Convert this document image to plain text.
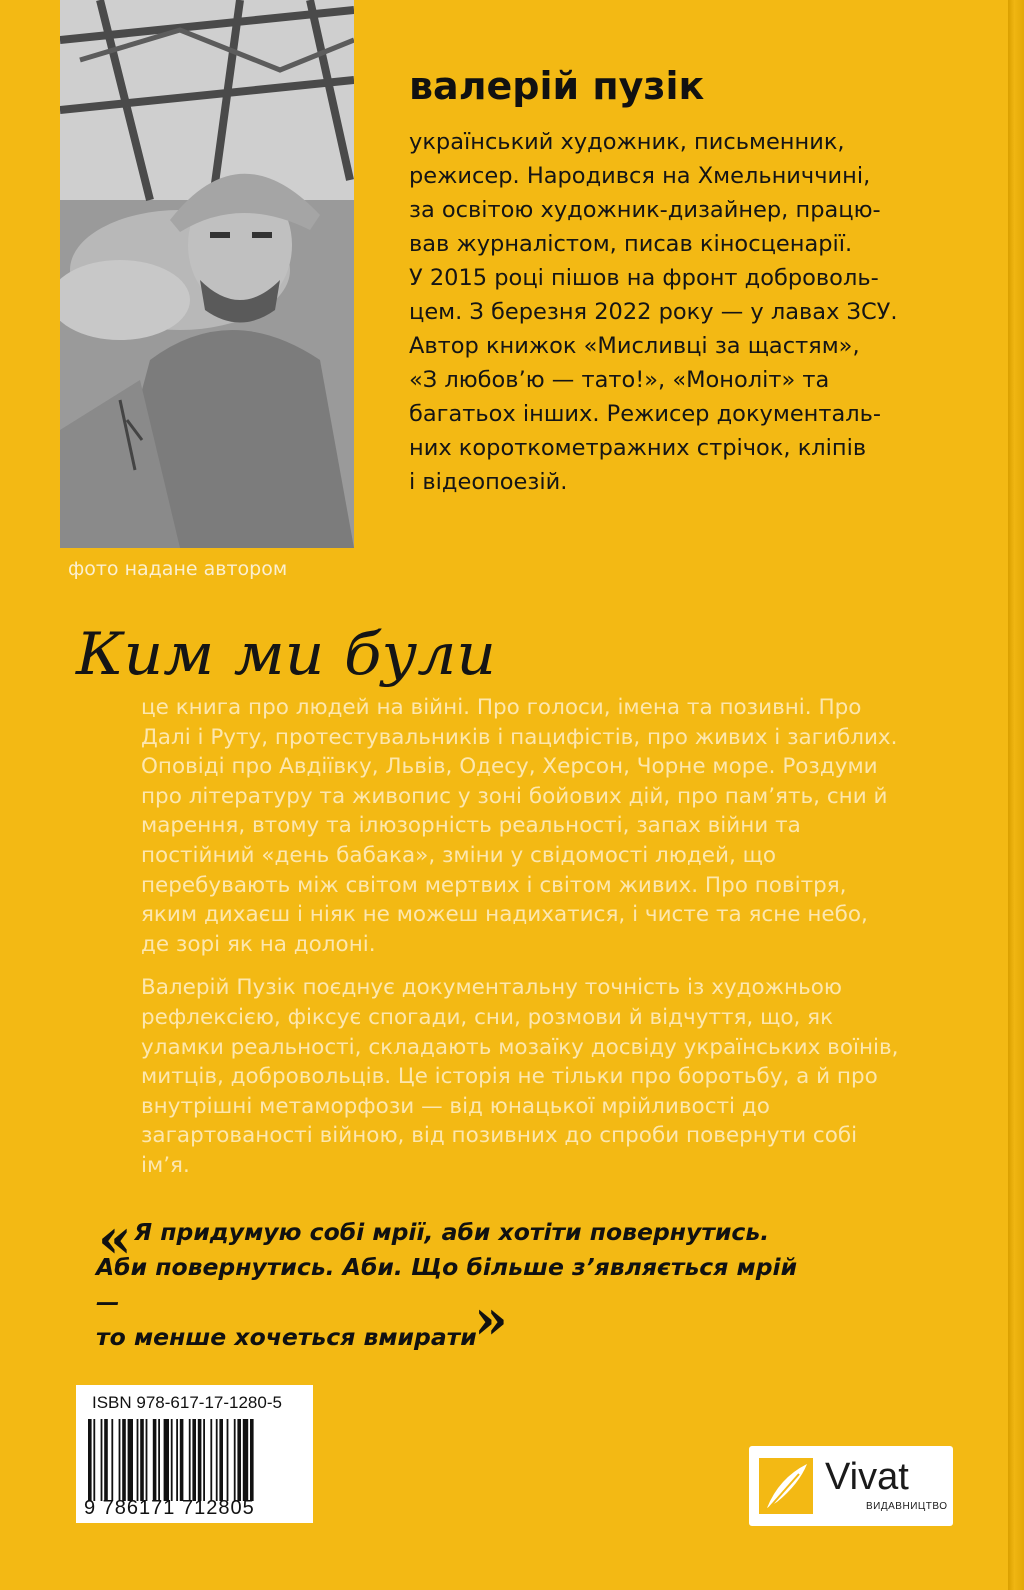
фото надане автором
валерій пузік
український художник, письменник,
режисер. Народився на Хмельниччині,
за освітою художник-дизайнер, працю-
вав журналістом, писав кіносценарії.
У 2015 році пішов на фронт доброволь-
цем. З березня 2022 року — у лавах ЗСУ.
Автор книжок «Мисливці за щастям»,
«З любов’ю — тато!», «Моноліт» та
багатьох інших. Режисер документаль-
них короткометражних стрічок, кліпів
і відеопоезій.
Ким ми були

це книга про людей на війні. Про голоси, імена та позивні. Про Далі і Руту, протестувальників і пацифістів, про живих і загиблих. Оповіді про Авдіївку, Львів, Одесу, Херсон, Чорне море. Роздуми про літературу та живопис у зоні бойових дій, про пам’ять, сни й марення, втому та ілюзорність реальності, запах війни та постійний «день бабака», зміни у свідомості людей, що перебувають між світом мертвих і світом живих. Про повітря, яким дихаєш і ніяк не можеш надихатися, і чисте та ясне небо, де зорі як на долоні.

Валерій Пузік поєднує документальну точність із художньою рефлексією, фіксує спогади, сни, розмови й відчуття, що, як уламки реальності, складають мозаїку досвіду українських воїнів, митців, добровольців. Це історія не тільки про боротьбу, а й про внутрішні метаморфози — від юнацької мрійливості до загартованості війною, від позивних до спроби повернути собі ім’я.

« Я придумую собі мрії, аби хотіти повернутись.
Аби повернутись. Аби. Що більше з’являється мрій —
то менше хочеться вмирати
»
ISBN 978-617-17-1280-5
9 786171 712805
Vivat
ВИДАВНИЦТВО
